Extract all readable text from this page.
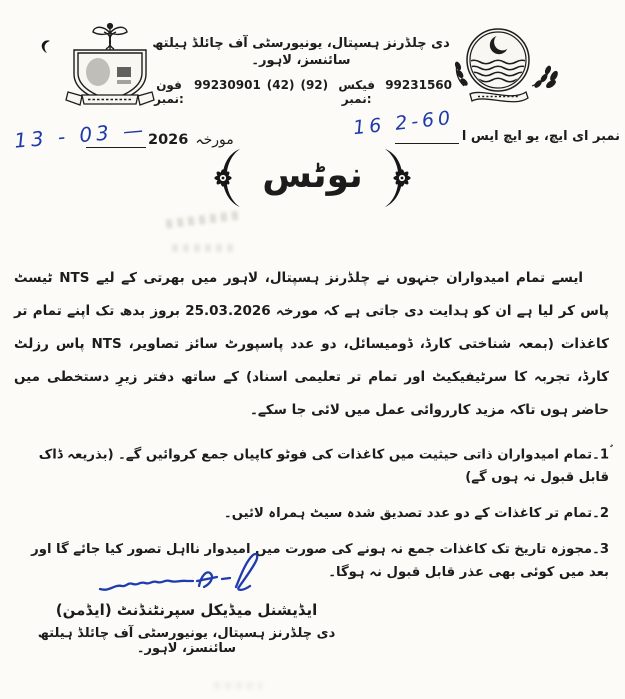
دی چلڈرنز ہسپتال، یونیورسٹی آف چائلڈ ہیلتھ سائنسز، لاہور۔
فون نمبر:
99230901 (42) (92) فیکس نمبر:
99231560
13 - 03 — 2026 مورخہ
16 2-60 نمبر ای ایچ، یو ایچ ایس ا
نوٹس

ایسے تمام امیدواران جنہوں نے چلڈرنز ہسپتال، لاہور میں بھرتی کے لیے NTS ٹیسٹ پاس کر لیا ہے ان کو ہدایت دی جاتی ہے کہ مورخہ 25.03.2026 بروز بدھ تک اپنے تمام تر کاغذات (بمعہ شناختی کارڈ، ڈومیسائل، دو عدد پاسپورٹ سائز تصاویر، NTS پاس رزلٹ کارڈ، تجربہ کا سرٹیفیکیٹ اور تمام تر تعلیمی اسناد) کے ساتھ دفتر زیرِ دستخطی میں حاضر ہوں تاکہ مزید کارروائی عمل میں لائی جا سکے۔

1۔تمام امیدواران ذاتی حیثیت میں کاغذات کی فوٹو کاپیاں جمع کروائیں گے۔ (بذریعہ ڈاک قابل قبول نہ ہوں گے)
2۔تمام تر کاغذات کے دو عدد تصدیق شدہ سیٹ ہمراہ لائیں۔
3۔مجوزہ تاریخ تک کاغذات جمع نہ ہونے کی صورت میں امیدوار نااہل تصور کیا جائے گا اور بعد میں کوئی بھی عذر قابل قبول نہ ہوگا۔
ایڈیشنل میڈیکل سپرنٹنڈنٹ (ایڈمن)
دی چلڈرنز ہسپتال، یونیورسٹی آف چائلڈ ہیلتھ سائنسز، لاہور۔
